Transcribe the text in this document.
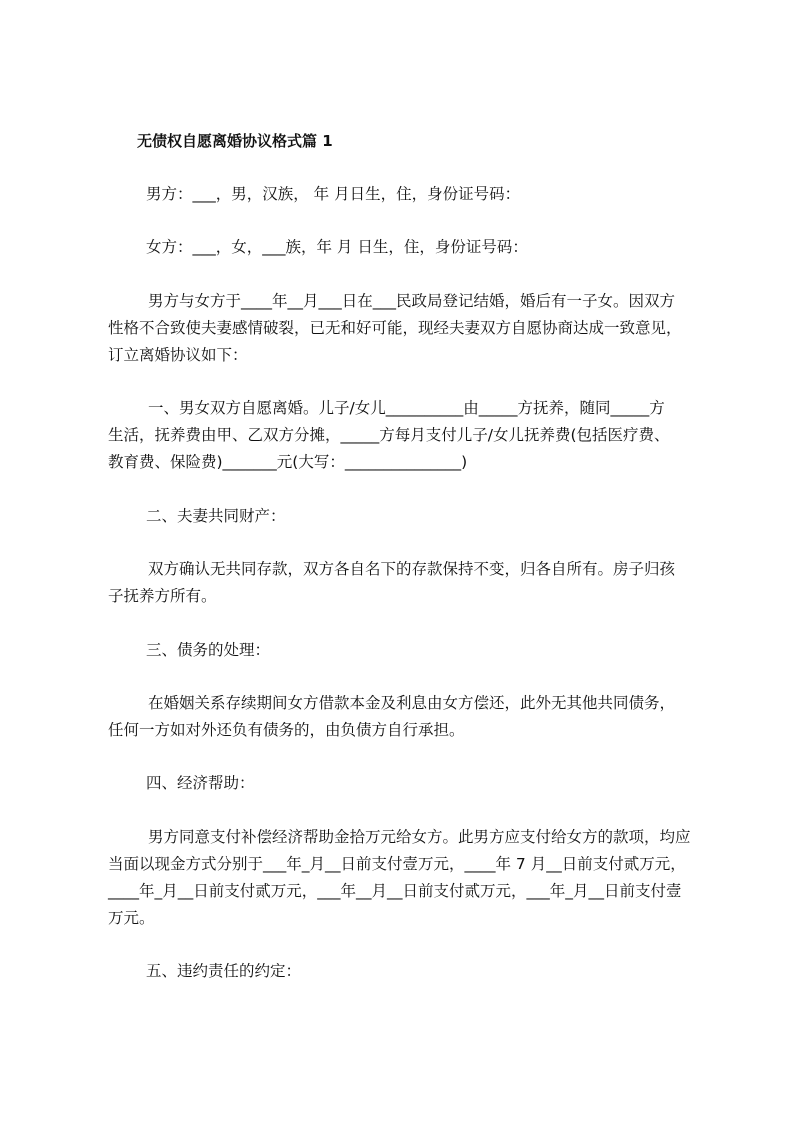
无债权自愿离婚协议格式篇 1

男方：___，男，汉族， 年 月日生，住，身份证号码：

女方：___，女，___族，年 月 日生，住，身份证号码：

男方与女方于____年__月___日在___民政局登记结婚，婚后有一子女。因双方

性格不合致使夫妻感情破裂，已无和好可能，现经夫妻双方自愿协商达成一致意见，

订立离婚协议如下：

一、男女双方自愿离婚。儿子/女儿__________由_____方抚养，随同_____方

生活，抚养费由甲、乙双方分摊，_____方每月支付儿子/女儿抚养费(包括医疗费、

教育费、保险费)_______元(大写：_______________)

二、夫妻共同财产：

双方确认无共同存款，双方各自名下的存款保持不变，归各自所有。房子归孩

子抚养方所有。

三、债务的处理：

在婚姻关系存续期间女方借款本金及利息由女方偿还，此外无其他共同债务，

任何一方如对外还负有债务的，由负债方自行承担。

四、经济帮助：

男方同意支付补偿经济帮助金拾万元给女方。此男方应支付给女方的款项，均应

当面以现金方式分别于___年_月__日前支付壹万元，____年 7 月__日前支付贰万元，

____年_月__日前支付贰万元，___年__月__日前支付贰万元，___年_月__日前支付壹

万元。

五、违约责任的约定：
